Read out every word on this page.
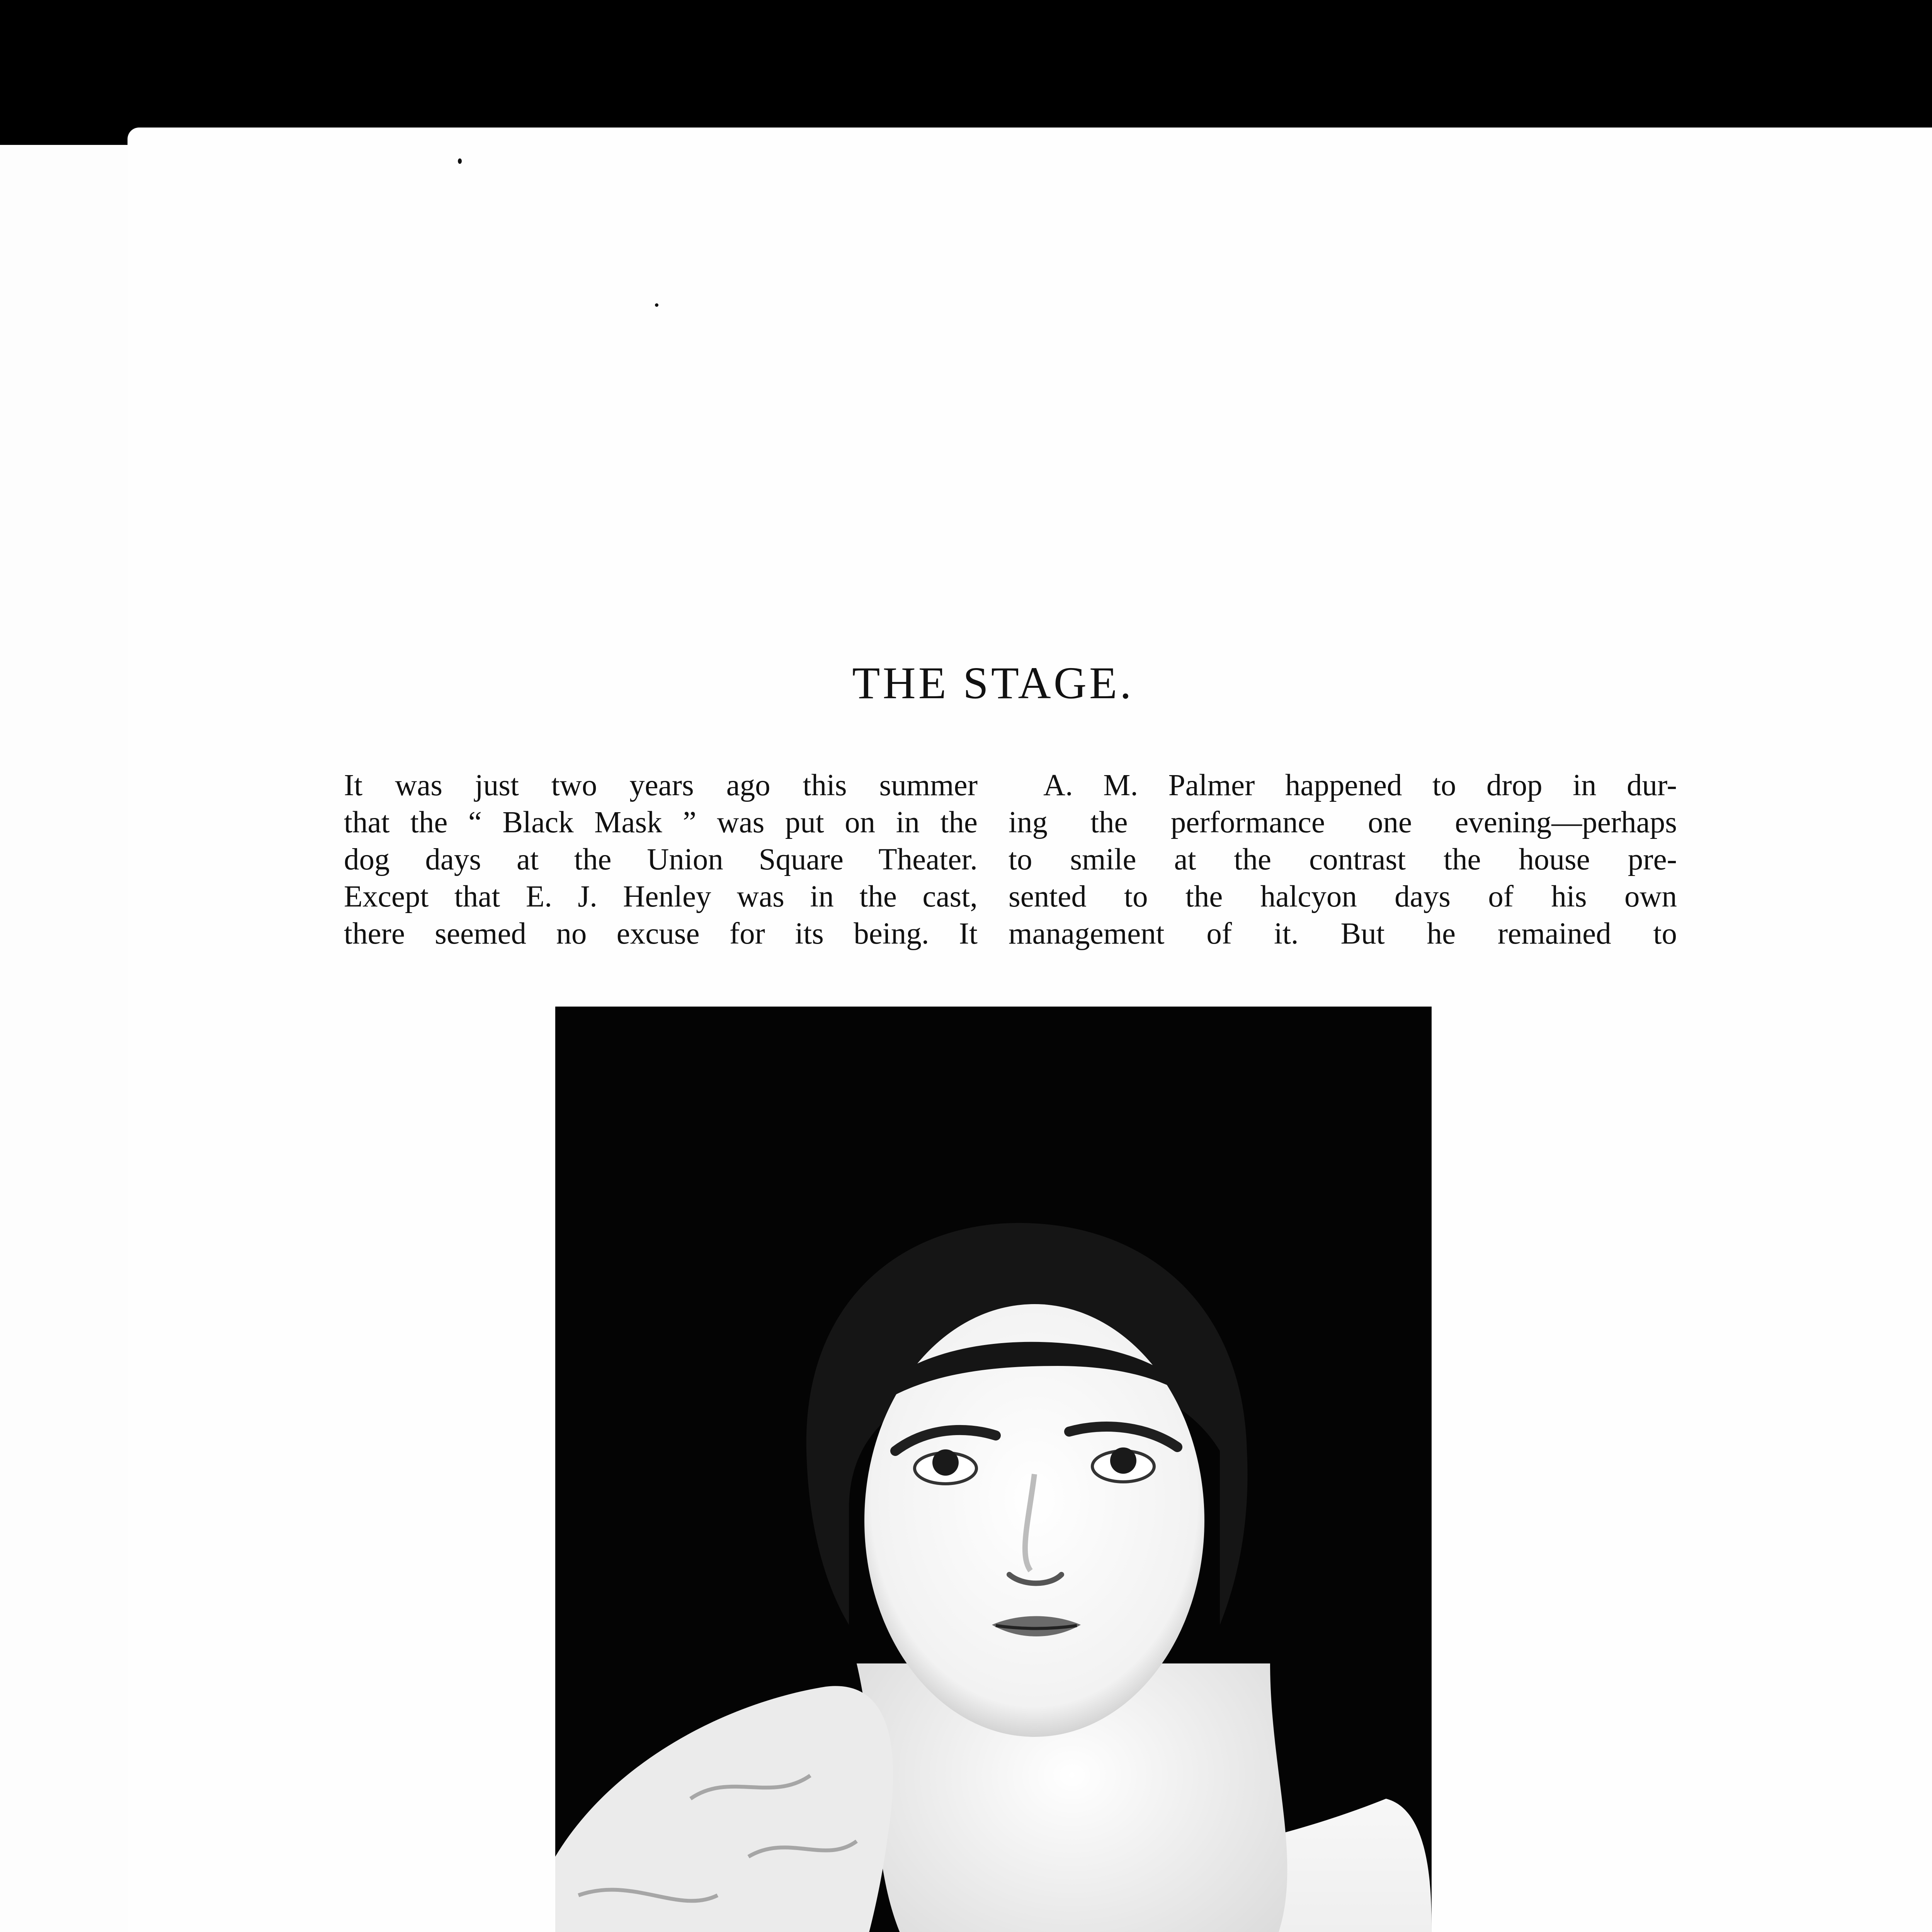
THE STAGE.

It was just two years ago this summer
that the “ Black Mask ” was put on in the
dog days at the Union Square Theater.
Except that E. J. Henley was in the cast,
there seemed no excuse for its being. It

A. M. Palmer happened to drop in dur-
ing the performance one evening—perhaps
to smile at the contrast the house pre-
sented to the halcyon days of his own
management of it. But he remained to
